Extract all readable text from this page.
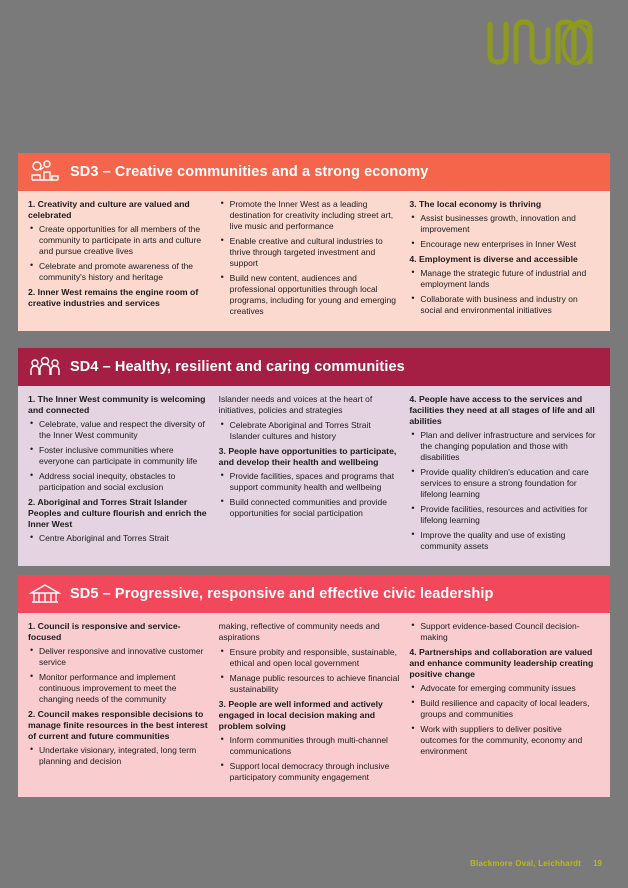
SD3 – Creative communities and a strong economy

1. Creativity and culture are valued and celebrated

• Create opportunities for all members of the community to participate in arts and culture and pursue creative lives
• Celebrate and promote awareness of the community's history and heritage

2. Inner West remains the engine room of creative industries and services

• Promote the Inner West as a leading destination for creativity including street art, live music and performance
• Enable creative and cultural industries to thrive through targeted investment and support
• Build new content, audiences and professional opportunities through local programs, including for young and emerging creatives

3. The local economy is thriving

• Assist businesses growth, innovation and improvement
• Encourage new enterprises in Inner West

4. Employment is diverse and accessible

• Manage the strategic future of industrial and employment lands
• Collaborate with business and industry on social and environmental initiatives
SD4 – Healthy, resilient and caring communities

1. The Inner West community is welcoming and connected

• Celebrate, value and respect the diversity of the Inner West community
• Foster inclusive communities where everyone can participate in community life
• Address social inequity, obstacles to participation and social exclusion

2. Aboriginal and Torres Strait Islander Peoples and culture flourish and enrich the Inner West

• Centre Aboriginal and Torres Strait

Islander needs and voices at the heart of initiatives, policies and strategies

• Celebrate Aboriginal and Torres Strait Islander cultures and history

3. People have opportunities to participate, and develop their health and wellbeing

• Provide facilities, spaces and programs that support community health and wellbeing
• Build connected communities and provide opportunities for social participation

4. People have access to the services and facilities they need at all stages of life and all abilities

• Plan and deliver infrastructure and services for the changing population and those with disabilities
• Provide quality children's education and care services to ensure a strong foundation for lifelong learning
• Provide facilities, resources and activities for lifelong learning
• Improve the quality and use of existing community assets
SD5 – Progressive, responsive and effective civic leadership

1. Council is responsive and service-focused

• Deliver responsive and innovative customer service
• Monitor performance and implement continuous improvement to meet the changing needs of the community

2. Council makes responsible decisions to manage finite resources in the best interest of current and future communities

• Undertake visionary, integrated, long term planning and decision

making, reflective of community needs and aspirations

• Ensure probity and responsible, sustainable, ethical and open local government
• Manage public resources to achieve financial sustainability

3. People are well informed and actively engaged in local decision making and problem solving

• Inform communities through multi-channel communications
• Support local democracy through inclusive participatory community engagement
• Support evidence-based Council decision-making

4. Partnerships and collaboration are valued and enhance community leadership creating positive change

• Advocate for emerging community issues
• Build resilience and capacity of local leaders, groups and communities
• Work with suppliers to deliver positive outcomes for the community, economy and environment
Blackmore Oval, Leichhardt 19
